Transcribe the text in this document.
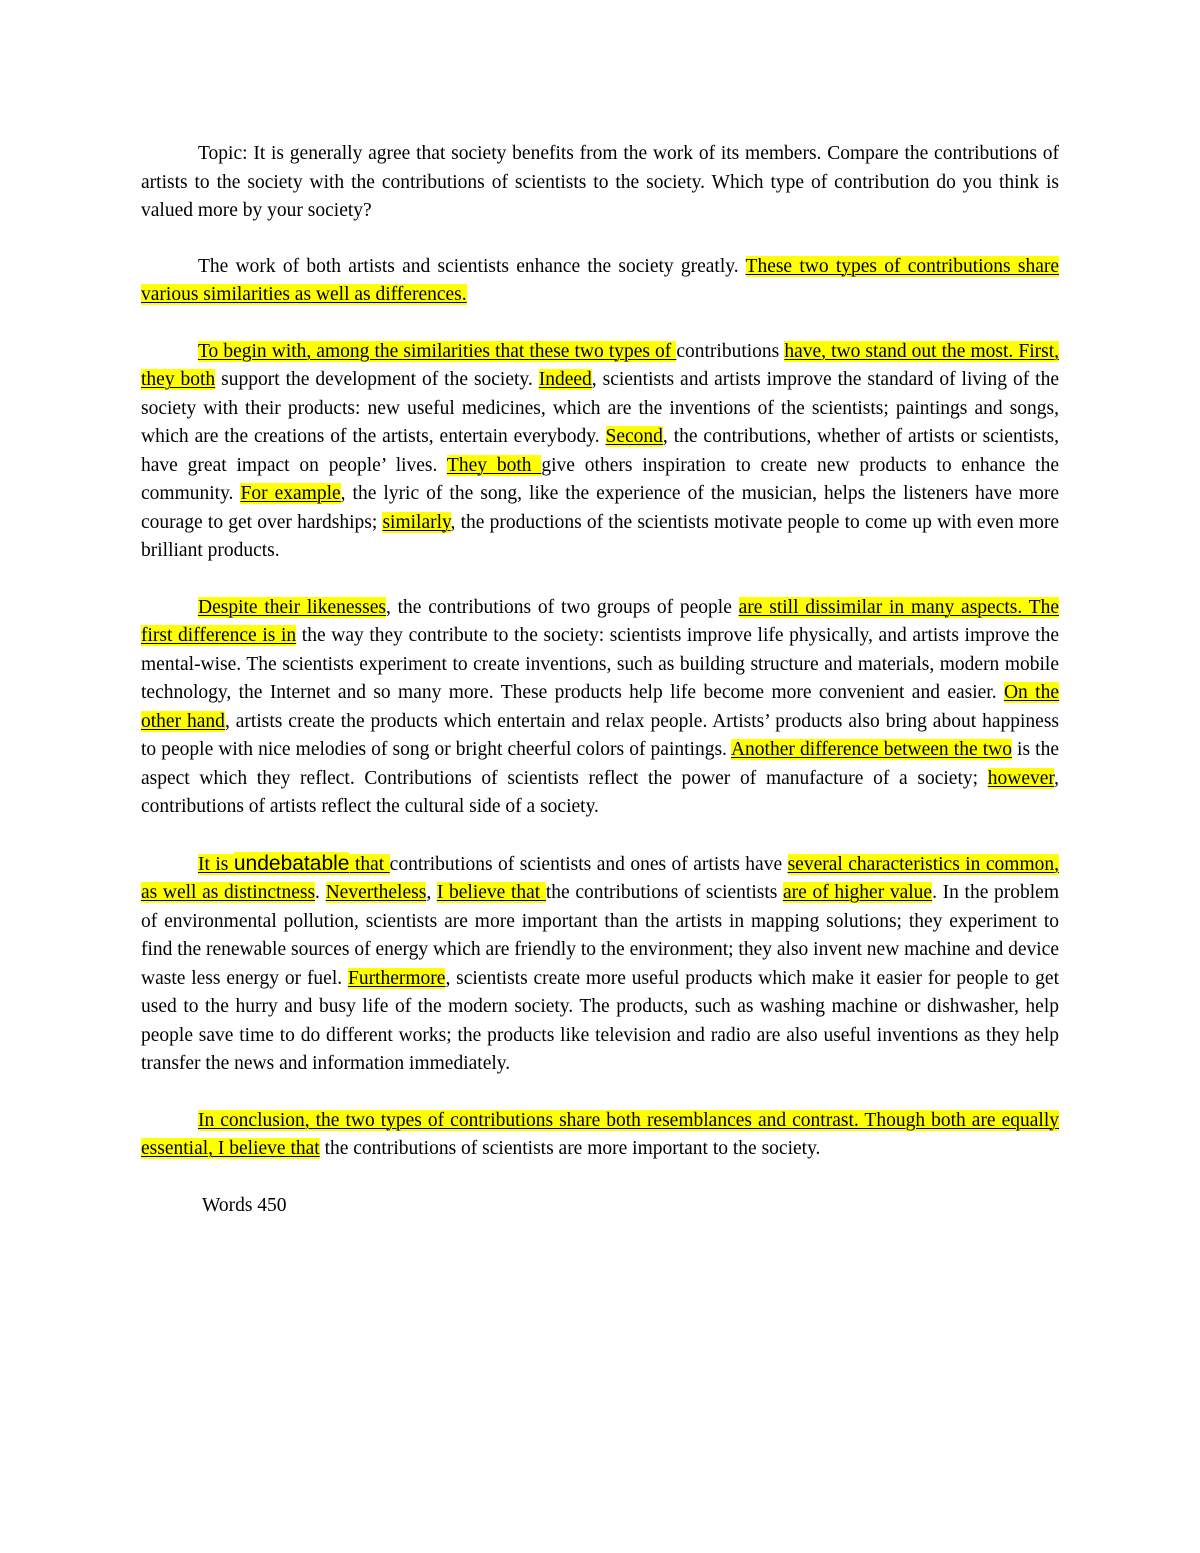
Topic: It is generally agree that society benefits from the work of its members. Compare the contributions of artists to the society with the contributions of scientists to the society. Which type of contribution do you think is valued more by your society?

The work of both artists and scientists enhance the society greatly. These two types of contributions share various similarities as well as differences.

To begin with, among the similarities that these two types of contributions have, two stand out the most. First, they both support the development of the society. Indeed, scientists and artists improve the standard of living of the society with their products: new useful medicines, which are the inventions of the scientists; paintings and songs, which are the creations of the artists, entertain everybody. Second, the contributions, whether of artists or scientists, have great impact on people’ lives. They both give others inspiration to create new products to enhance the community. For example, the lyric of the song, like the experience of the musician, helps the listeners have more courage to get over hardships; similarly, the productions of the scientists motivate people to come up with even more brilliant products.

Despite their likenesses, the contributions of two groups of people are still dissimilar in many aspects. The first difference is in the way they contribute to the society: scientists improve life physically, and artists improve the mental-wise. The scientists experiment to create inventions, such as building structure and materials, modern mobile technology, the Internet and so many more. These products help life become more convenient and easier. On the other hand, artists create the products which entertain and relax people. Artists’ products also bring about happiness to people with nice melodies of song or bright cheerful colors of paintings. Another difference between the two is the aspect which they reflect. Contributions of scientists reflect the power of manufacture of a society; however, contributions of artists reflect the cultural side of a society.

It is undebatable that contributions of scientists and ones of artists have several characteristics in common, as well as distinctness. Nevertheless, I believe that the contributions of scientists are of higher value. In the problem of environmental pollution, scientists are more important than the artists in mapping solutions; they experiment to find the renewable sources of energy which are friendly to the environment; they also invent new machine and device waste less energy or fuel. Furthermore, scientists create more useful products which make it easier for people to get used to the hurry and busy life of the modern society. The products, such as washing machine or dishwasher, help people save time to do different works; the products like television and radio are also useful inventions as they help transfer the news and information immediately.

In conclusion, the two types of contributions share both resemblances and contrast. Though both are equally essential, I believe that the contributions of scientists are more important to the society.

Words 450
